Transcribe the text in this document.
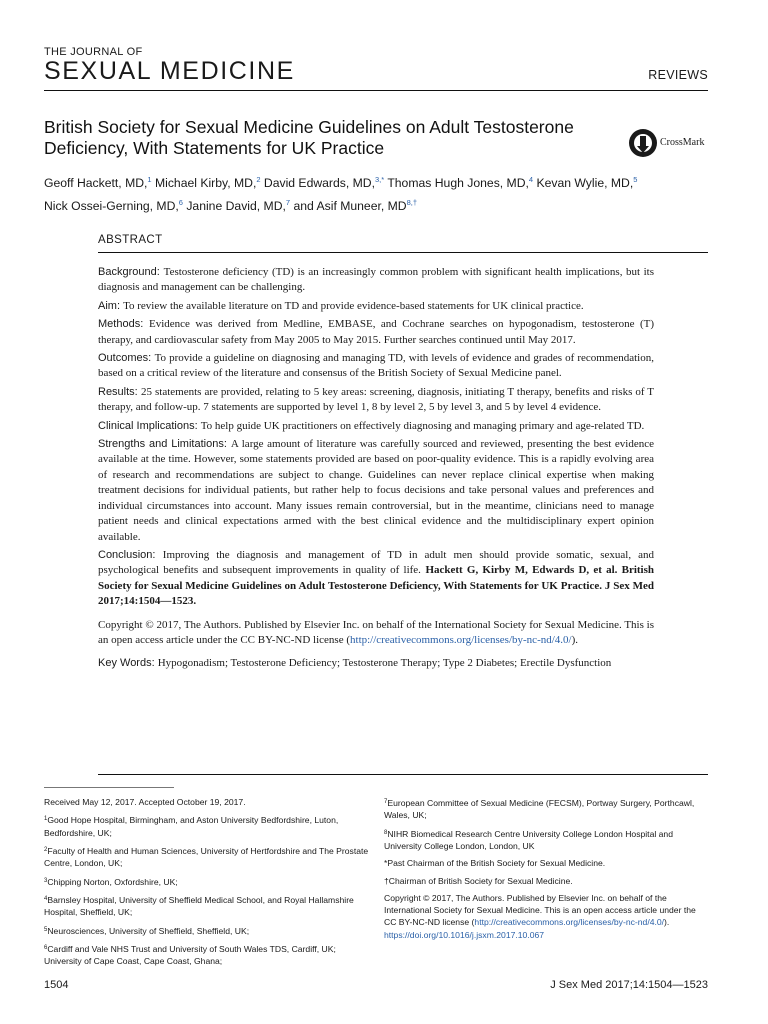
THE JOURNAL OF
SEXUAL MEDICINE	REVIEWS
British Society for Sexual Medicine Guidelines on Adult Testosterone Deficiency, With Statements for UK Practice	CrossMark
Geoff Hackett, MD,$^1$ Michael Kirby, MD,$^2$ David Edwards, MD,$^{3,*}$ Thomas Hugh Jones, MD,$^4$ Kevan Wylie, MD,$^5$
Nick Ossei-Gerning, MD,$^6$ Janine David, MD,$^7$ and Asif Muneer, $MD^{8,\dagger}$
ABSTRACT

Background: Testosterone deficiency (TD) is an increasingly common problem with significant health implications, but its diagnosis and management can be challenging.

Aim: To review the available literature on TD and provide evidence-based statements for UK clinical practice.

Methods: Evidence was derived from Medline, EMBASE, and Cochrane searches on hypogonadism, testosterone (T) therapy, and cardiovascular safety from May 2005 to May 2015. Further searches continued until May 2017.

Outcomes: To provide a guideline on diagnosing and managing TD, with levels of evidence and grades of recommendation, based on a critical review of the literature and consensus of the British Society of Sexual Medicine panel.

Results: 25 statements are provided, relating to 5 key areas: screening, diagnosis, initiating T therapy, benefits and risks of T therapy, and follow-up. 7 statements are supported by level 1, 8 by level 2, 5 by level 3, and 5 by level 4 evidence.

Clinical Implications: To help guide UK practitioners on effectively diagnosing and managing primary and age-related TD.

Strengths and Limitations: A large amount of literature was carefully sourced and reviewed, presenting the best evidence available at the time. However, some statements provided are based on poor-quality evidence. This is a rapidly evolving area of research and recommendations are subject to change. Guidelines can never replace clinical expertise when making treatment decisions for individual patients, but rather help to focus decisions and take personal values and preferences and individual circumstances into account. Many issues remain controversial, but in the meantime, clinicians need to manage patient needs and clinical expectations armed with the best clinical evidence and the multidisciplinary expert opinion available.

Conclusion: Improving the diagnosis and management of TD in adult men should provide somatic, sexual, and psychological benefits and subsequent improvements in quality of life. Hackett G, Kirby M, Edwards D, et al. British Society for Sexual Medicine Guidelines on Adult Testosterone Deficiency, With Statements for UK Practice. J Sex Med 2017;14:1504—1523.

Copyright © 2017, The Authors. Published by Elsevier Inc. on behalf of the International Society for Sexual Medicine. This is an open access article under the CC BY-NC-ND license (http://creativecommons.org/licenses/by-nc-nd/4.0/).

Key Words: Hypogonadism; Testosterone Deficiency; Testosterone Therapy; Type 2 Diabetes; Erectile Dysfunction

Received May 12, 2017. Accepted October 19, 2017.

$^1$Good Hope Hospital, Birmingham, and Aston University Bedfordshire, Luton, Bedfordshire, UK;

$^2$Faculty of Health and Human Sciences, University of Hertfordshire and The Prostate Centre, London, UK;

$^3$Chipping Norton, Oxfordshire, UK;

$^4$Barnsley Hospital, University of Sheffield Medical School, and Royal Hallamshire Hospital, Sheffield, UK;

$^5$Neurosciences, University of Sheffield, Sheffield, UK;

$^6$Cardiff and Vale NHS Trust and University of South Wales TDS, Cardiff, UK; University of Cape Coast, Cape Coast, Ghana;

$^7$European Committee of Sexual Medicine (FECSM), Portway Surgery, Porthcawl, Wales, UK;

$^8$NIHR Biomedical Research Centre University College London Hospital and University College London, London, UK

*Past Chairman of the British Society for Sexual Medicine.

†Chairman of British Society for Sexual Medicine.

Copyright © 2017, The Authors. Published by Elsevier Inc. on behalf of the International Society for Sexual Medicine. This is an open access article under the CC BY-NC-ND license (http://creativecommons.org/licenses/by-nc-nd/4.0/).
https://doi.org/10.1016/j.jsxm.2017.10.067

1504	J Sex Med 2017;14:1504—1523
